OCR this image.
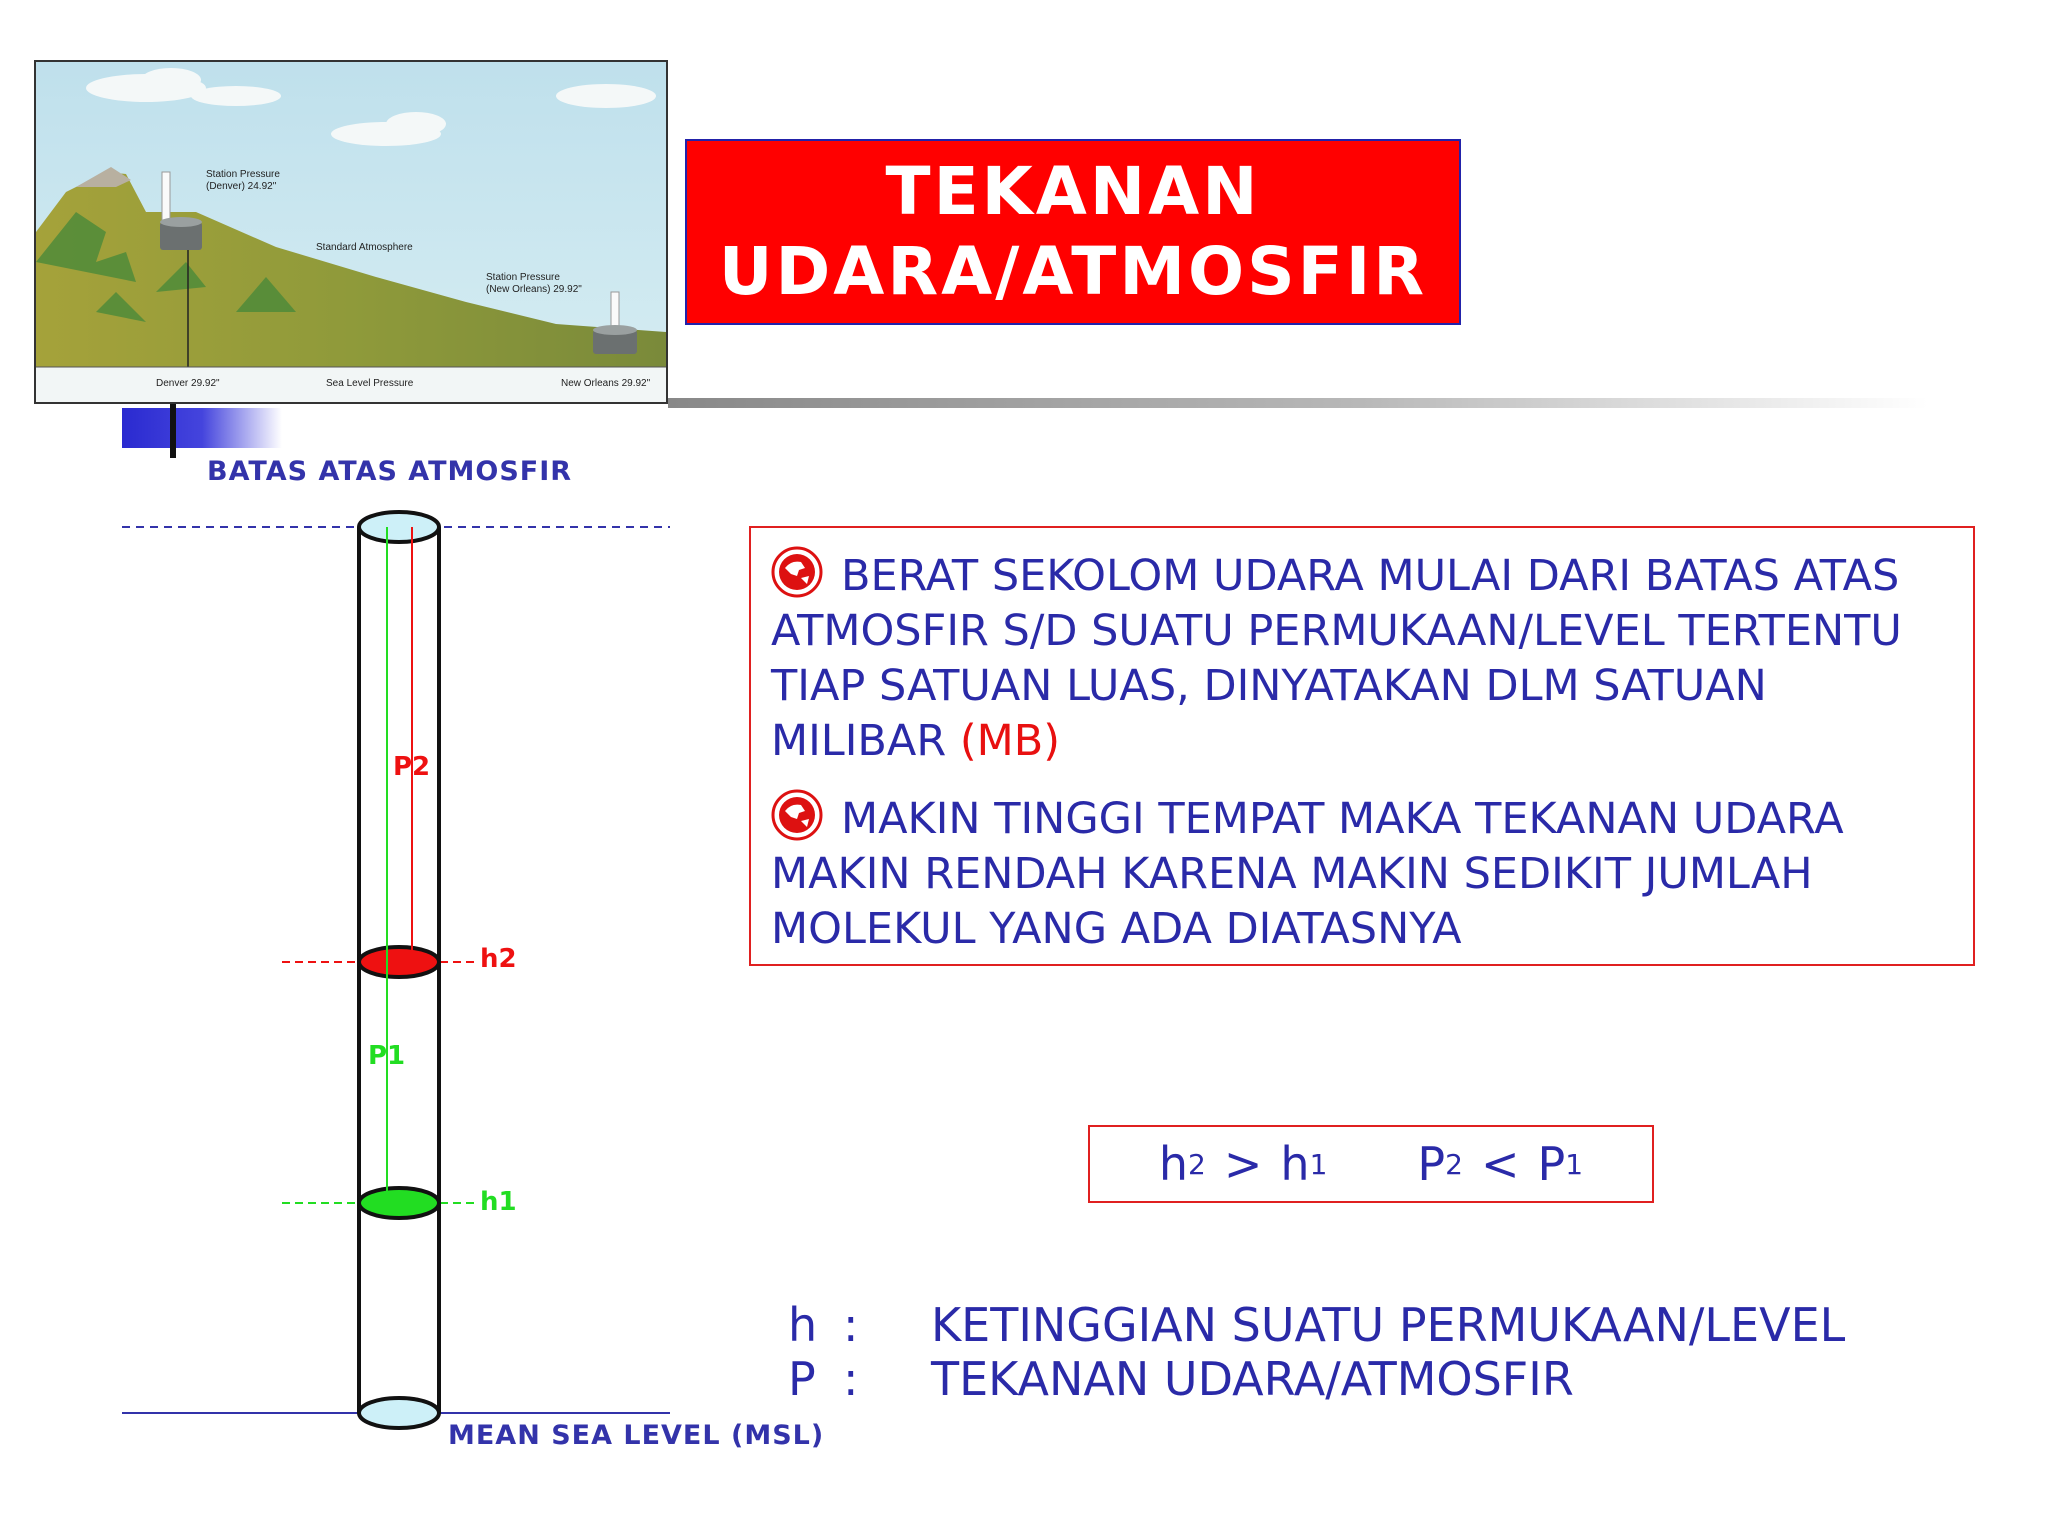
Station Pressure
(Denver) 24.92"
Standard Atmosphere
Station Pressure
(New Orleans) 29.92"
Denver 29.92"	Sea Level Pressure	New Orleans 29.92"
TEKANAN
UDARA/ATMOSFIR
P2
P1
h2
h1
BATAS ATAS ATMOSFIR
MEAN SEA LEVEL (MSL)
BERAT SEKOLOM UDARA MULAI DARI BATAS ATAS ATMOSFIR S/D SUATU PERMUKAAN/LEVEL TERTENTU TIAP SATUAN LUAS, DINYATAKAN DLM SATUAN MILIBAR (MB)
MAKIN TINGGI TEMPAT MAKA TEKANAN UDARA MAKIN RENDAH KARENA MAKIN SEDIKIT JUMLAH MOLEKUL YANG ADA DIATASNYA
h 2 > h 1 P 2 < P 1
h :	KETINGGIAN SUATU PERMUKAAN/LEVEL
P :	TEKANAN UDARA/ATMOSFIR
